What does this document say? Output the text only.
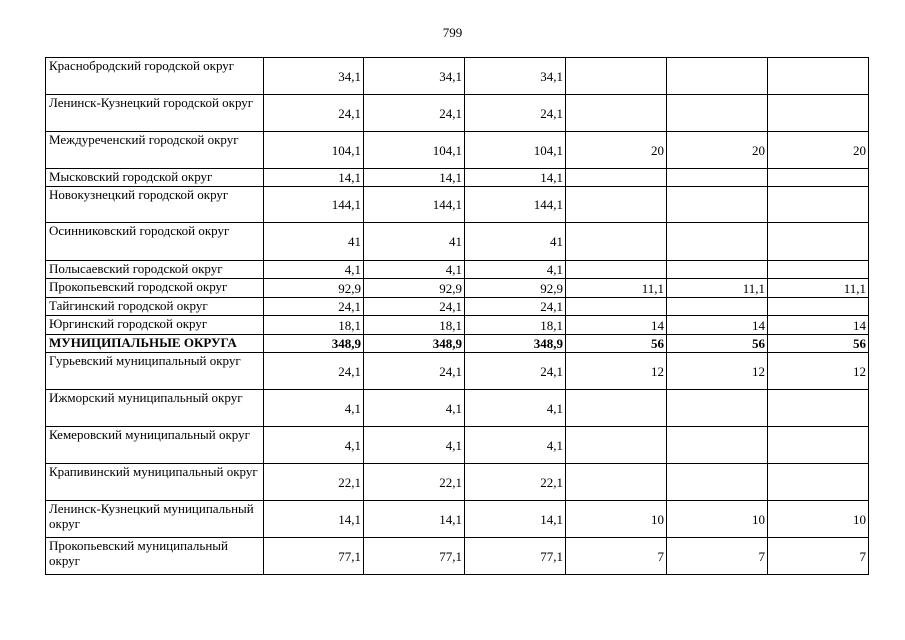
799
Краснобродский городской округ	34,1	34,1	34,1			
Ленинск-Кузнецкий городской округ	24,1	24,1	24,1			
Междуреченский городской округ	104,1	104,1	104,1	20	20	20
Мысковский городской округ	14,1	14,1	14,1			
Новокузнецкий городской округ	144,1	144,1	144,1			
Осинниковский городской округ	41	41	41			
Полысаевский городской округ	4,1	4,1	4,1			
Прокопьевский городской округ	92,9	92,9	92,9	11,1	11,1	11,1
Тайгинский городской округ	24,1	24,1	24,1			
Юргинский городской округ	18,1	18,1	18,1	14	14	14
МУНИЦИПАЛЬНЫЕ ОКРУГА	348,9	348,9	348,9	56	56	56
Гурьевский муниципальный округ	24,1	24,1	24,1	12	12	12
Ижморский муниципальный округ	4,1	4,1	4,1			
Кемеровский муниципальный округ	4,1	4,1	4,1			
Крапивинский муниципальный округ	22,1	22,1	22,1			
Ленинск-Кузнецкий муниципальный округ	14,1	14,1	14,1	10	10	10
Прокопьевский муниципальный округ	77,1	77,1	77,1	7	7	7
